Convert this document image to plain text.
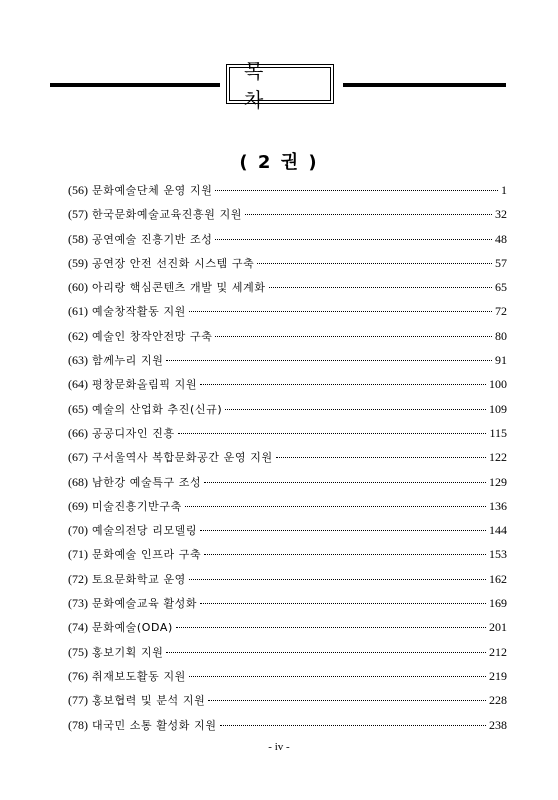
목 차
( 2 권 )
(56) 문화예술단체 운영 지원	1
(57) 한국문화예술교육진흥원 지원	32
(58) 공연예술 진흥기반 조성	48
(59) 공연장 안전 선진화 시스템 구축	57
(60) 아리랑 핵심콘텐츠 개발 및 세계화	65
(61) 예술창작활동 지원	72
(62) 예술인 창작안전망 구축	80
(63) 함께누리 지원	91
(64) 평창문화올림픽 지원	100
(65) 예술의 산업화 추진(신규)	109
(66) 공공디자인 진흥	115
(67) 구서울역사 복합문화공간 운영 지원	122
(68) 남한강 예술특구 조성	129
(69) 미술진흥기반구축	136
(70) 예술의전당 리모델링	144
(71) 문화예술 인프라 구축	153
(72) 토요문화학교 운영	162
(73) 문화예술교육 활성화	169
(74) 문화예술(ODA)	201
(75) 홍보기획 지원	212
(76) 취재보도활동 지원	219
(77) 홍보협력 및 분석 지원	228
(78) 대국민 소통 활성화 지원	238
- iv -
